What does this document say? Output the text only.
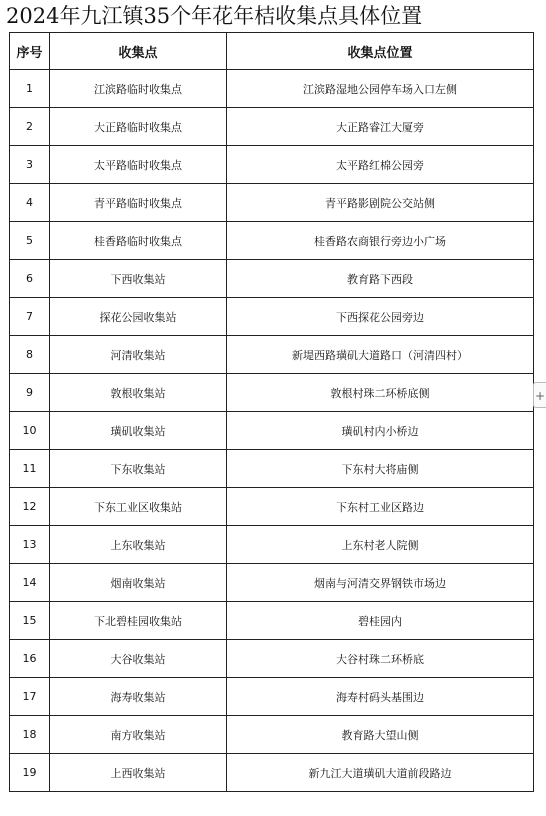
2024年九江镇35个年花年桔收集点具体位置
序号	收集点	收集点位置
1	江滨路临时收集点	江滨路湿地公园停车场入口左侧
2	大正路临时收集点	大正路睿江大厦旁
3	太平路临时收集点	太平路红棉公园旁
4	青平路临时收集点	青平路影剧院公交站侧
5	桂香路临时收集点	桂香路农商银行旁边小广场
6	下西收集站	教育路下西段
7	探花公园收集站	下西探花公园旁边
8	河清收集站	新堤西路璜矶大道路口（河清四村）
9	敦根收集站	敦根村珠二环桥底侧
10	璜矶收集站	璜矶村内小桥边
11	下东收集站	下东村大将庙侧
12	下东工业区收集站	下东村工业区路边
13	上东收集站	上东村老人院侧
14	烟南收集站	烟南与河清交界钢铁市场边
15	下北碧桂园收集站	碧桂园内
16	大谷收集站	大谷村珠二环桥底
17	海寿收集站	海寿村码头基围边
18	南方收集站	教育路大望山侧
19	上西收集站	新九江大道璜矶大道前段路边
+
